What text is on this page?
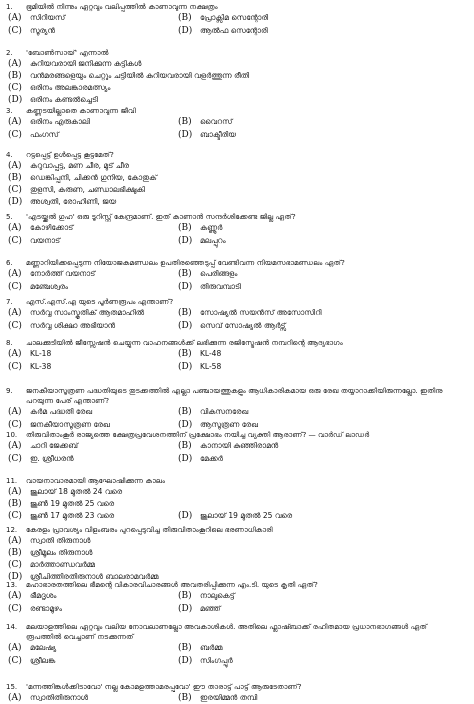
1. ഭൂമിയിൽ നിന്നും ഏറ്റവും വലിപ്പത്തിൽ കാണാവുന്ന നക്ഷത്രം
(A) സിറിയസ്	(B) പ്രോക്സിമ സെന്റോരി
(C) സൂര്യൻ	(D) ആൽഫ സെന്റോരി
2. 'ബോൺസായ്' എന്നാൽ
(A) കുറിയവരായി ജനിക്കുന്ന കുട്ടികൾ
(B) വൻമരങ്ങളെയും ചെറ്റും ചട്ടിയിൽ കുറിയവരായി വളർത്തുന്ന രീതി
(C) ഒരിനം അലങ്കാരമത്സ്യം
(D) ഒരിനം കണ്ടൽച്ചെടി
3. കണ്ണടയില്ലാതെ കാണാവുന്ന ജീവി
(A) ഒരിനം എരുകാലി	(B) വൈറസ്
(C) ഫംഗസ്	(D) ബാക്ടീരിയ
4. റട്ടപ്പെട്ട് ഉൾപ്പെട്ട കൂട്ടമേത്?
(A) കറുവാപ്പട്ട, മണ ചീര, മുട് ചീര
(B) ഡെങ്കിപ്പനി, ചിക്കൻ ഗുനിയ, കോതുക്
(C) തുളസി, കരുണ, ചണ്ഡാലഭിക്ഷുകി
(D) അശ്വതി, രോഹിണി, ജയ
5. 'എടയ്ക്കൽ ഗുഹ' ഒരു ടൂറിസ്റ്റ് കേന്ദ്രമാണ്. ഇത് കാണാൻ സന്ദർശിക്കേണ്ട ജില്ല ഏത്?
(A) കോഴിക്കോട്	(B) കണ്ണൂർ
(C) വയനാട്	(D) മലപ്പുറം
6. മണ്ണാറിയിക്കപ്പെടുന്ന നിയോജകമണ്ഡലം ഉപതിരഞ്ഞെടുപ്പ് വേണ്ടിവന്ന നിയമസഭാമണ്ഡലം ഏത്?
(A) നോർത്ത് വയനാട്	(B) പെരിങ്ങളം
(C) മഞ്ചേശ്വരം	(D) തിരുവമ്പാടി
7. എസ്.എസ്.എ യുടെ പൂർണരൂപം എന്താണ്?
(A) സർവ്വ സാംസ്കൃതിക് ആതമാഹിൽ	(B) സോഷ്യൽ സയൻസ് അസോസിറി
(C) സർവ്വ ശിക്ഷാ അഭിയാൻ	(D) സെവ് സോഷ്യൽ ആർട്സ്
8. ചാലക്കുടിയിൽ ജീസ്സേഷൻ ചെയ്യുന്ന വാഹനങ്ങൾക്ക് ലഭിക്കുന്ന രജിസ്ട്രേഷൻ നമ്പറിന്റെ ആദ്യഭാഗം
(A) KL-18	(B) KL-48
(C) KL-38	(D) KL-58
9. ജനകീയാസൂത്രണ പദ്ധതിയുടെ തുടക്കത്തിൽ എല്ലാ പഞ്ചായത്തുകളും ആധികാരികമായ ഒരു രേഖ തയ്യാറാക്കിയിരുന്നല്ലോ. ഇതിനു പറയുന്ന പേര് എന്താണ്?
(A) കർമ പദ്ധതി രേഖ	(B) വികസനരേഖ
(C) ജനകീയാസൂത്രണ രേഖ	(D) ആസൂത്രണ രേഖ
10. തിരുവിതാംകൂർ രാജ്യത്തെ ക്ഷേത്രപ്രവേശനത്തിന് പ്രക്ഷോഭം നയിച്ച വ്യക്തി ആരാണ്? — വാർഡ് ലാഡർ
(A) ചാറി ജേക്കബ്	(B) കാനായി കുഞ്ഞിരാമൻ
(C) ഇ. ശ്രീധരൻ	(D) മേക്കർ
11. വായനാവാരമായി ആഘോഷിക്കുന്ന കാലം
(A) ജൂലായ് 18 മുതൽ 24 വരെ
(B) ജൂൺ 19 മുതൽ 25 വരെ
(C) ജൂൺ 17 മുതൽ 23 വരെ	(D) ജൂലായ് 19 മുതൽ 25 വരെ
12. കേരളം പ്രാവശ്യം വിളംബരം പുറപ്പെടുവിച്ച തിരുവിതാംകൂറിലെ ഭരണാധികാരി
(A) സ്വാതി തിരുനാൾ
(B) ശ്രീമൂലം തിരുനാൾ
(C) മാർത്താണ്ഡവർമ്മ
(D) ശ്രീചിത്തിരതിരുനാൾ ബാലരാമവർമ്മ
13. മഹാഭാരതത്തിലെ ഭീമന്റെ വികാരവിചാരങ്ങൾ അവതരിപ്പിക്കുന്ന എം.ടി. യുടെ കൃതി ഏത്?
(A) ഭീമദൃശം	(B) നാലുകെട്ട്
(C) രണ്ടാമൂഴം	(D) മഞ്ഞ്
14. മലയാളത്തിലെ ഏറ്റവും വലിയ നോവലാണല്ലോ അവകാശികൾ. അതിലെ ഫ്ലാഷ്ബാക്ക് രഹിതമായ പ്രധാനഭാഗങ്ങൾ ഏത് രൂപത്തിൽ വെച്ചാണ് നടക്കുന്നത്
(A) മലേഷ്യ	(B) ബർമ്മ
(C) ശ്രീലങ്ക	(D) സിംഗപ്പൂർ
15. 'മന്നത്തിങ്കൾക്കിടാവോ' നല്ല കോമളത്താമരപ്പൂവോ' ഈ താരാട്ട് പാട്ട് ആരുടേതാണ്?
(A) സ്വാതിതിരുനാൾ	(B) ഇരയിമ്മൻ തമ്പി
